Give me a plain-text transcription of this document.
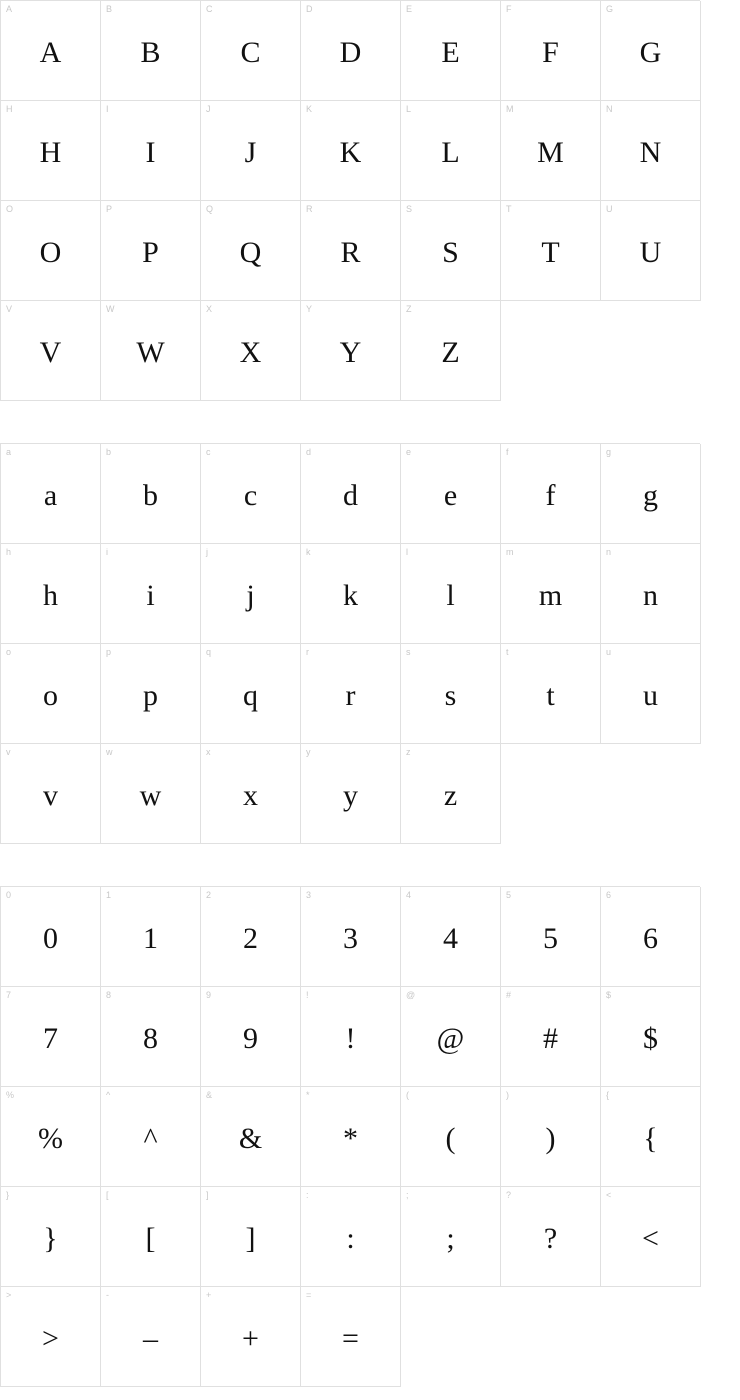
A
A
B
B
C
C
D
D
E
E
F
F
G
G
H
H
I
I
J
J
K
K
L
L
M
M
N
N
O
O
P
P
Q
Q
R
R
S
S
T
T
U
U
V
V
W
W
X
X
Y
Y
Z
Z
a
a
b
b
c
c
d
d
e
e
f
f
g
g
h
h
i
i
j
j
k
k
l
l
m
m
n
n
o
o
p
p
q
q
r
r
s
s
t
t
u
u
v
v
w
w
x
x
y
y
z
z
0
0
1
1
2
2
3
3
4
4
5
5
6
6
7
7
8
8
9
9
!
!
@
@
#
#
$
$
%
%
^
^
&
&
*
*
(
(
)
)
{
{
}
}
[
[
]
]
:
:
;
;
?
?
<
<
>
>
-
–
+
+
=
=
